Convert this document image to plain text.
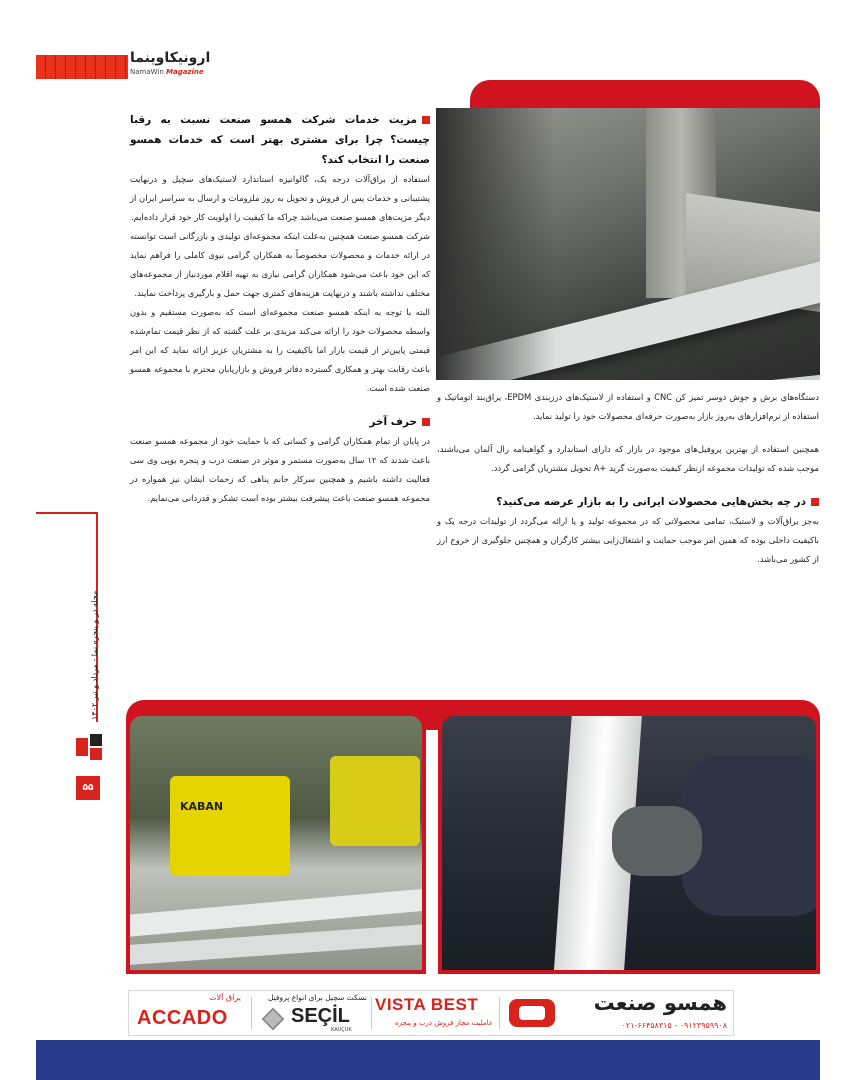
ارونیکاوینما
NamaWin Magazine
مزیت خدمات شرکت همسو صنعت نسبت به رقبا چیست؟ چرا برای مشتری بهتر است که خدمات همسو صنعت را انتخاب کند؟

استفاده از یراق‌آلات درجه یک، گالوانیزه استاندارد لاستیک‌های سچیل و درنهایت پشتیبانی و خدمات پس از فروش و تحویل به روز ملزومات و ارسال به سراسر ایران از دیگر مزیت‌های همسو صنعت می‌باشد چراکه ما کیفیت را اولویت کار خود قرار داده‌ایم.

شرکت همسو صنعت همچنین به‌علت اینکه مجموعه‌ای تولیدی و بازرگانی است توانسته در ارائه خدمات و محصولات مخصوصاً به همکاران گرامی نیوی کاملی را فراهم نماید که این خود باعث می‌شود همکاران گرامی نیازی به تهیه اقلام موردنیاز از مجموعه‌های مختلف نداشته باشند و درنهایت هزینه‌های کمتری جهت حمل و بارگیری پرداخت نمایند.

البته با توجه به اینکه همسو صنعت مجموعه‌ای است که به‌صورت مستقیم و بدون واسطه محصولات خود را ارائه می‌کند مزیدی بر علت گشته که از نظر قیمت تمام‌شده قیمتی پایین‌تر از قیمت بازار اما باکیفیت را به مشتریان عزیز ارائه نماید که این امر باعث رقابت بهتر و همکاری گسترده دفاتر فروش و بازاریابان محترم با مجموعه همسو صنعت شده است.

حرف آخر

در پایان از تمام همکاران گرامی و کسانی که با حمایت خود از مجموعه همسو صنعت باعث شدند که ۱۲ سال به‌صورت مستمر و موثر در صنعت درب و پنجره یوپی وی سی فعالیت داشته باشیم و همچنین سرکار خانم پناهی که زحمات ایشان نیز همواره در مجموعه همسو صنعت باعث پیشرفت بیشتر بوده است تشکر و قدردانی می‌نمایم.

دستگاه‌های برش و جوش دوسر تمیز کن CNC و استفاده از لاستیک‌های درزبندی EPDM، یراق‌بند اتوماتیک و استفاده از نرم‌افزارهای به‌روز بازار به‌صورت حرفه‌ای محصولات خود را تولید نماید.

همچنین استفاده از بهترین پروفیل‌های موجود در بازار که دارای استاندارد و گواهینامه رال آلمان می‌باشند، موجب شده که تولیدات مجموعه ازنظر کیفیت به‌صورت گرید +A تحویل مشتریان گرامی گردد.

در چه بخش‌هایی محصولات ایرانی را به بازار عرضه می‌کنید؟

به‌جز یراق‌آلات و لاستیک، تمامی محصولاتی که در مجموعه تولید و یا ارائه می‌گردد از تولیدات درجه یک و باکیفیت داخلی بوده که همین امر موجب حمایت و اشتغال‌زایی بیشتر کارگران و همچنین جلوگیری از خروج ارز از کشور می‌باشد.

مجله در و پنجره نما - مرداد و تیر ۱۴۰۲
۵۵
KABAN
یراق آلات
ACCADO
نسکت سچیل برای انواع پروفیل
SEÇİL
KAUÇUK
VISTA BEST
عاملیت مجاز فروش درب و پنجره
همسو صنعت
۰۹۱۲۳۹۵۹۹۰۸ - ۰۲۱-۶۶۴۵۸۳۱۵
